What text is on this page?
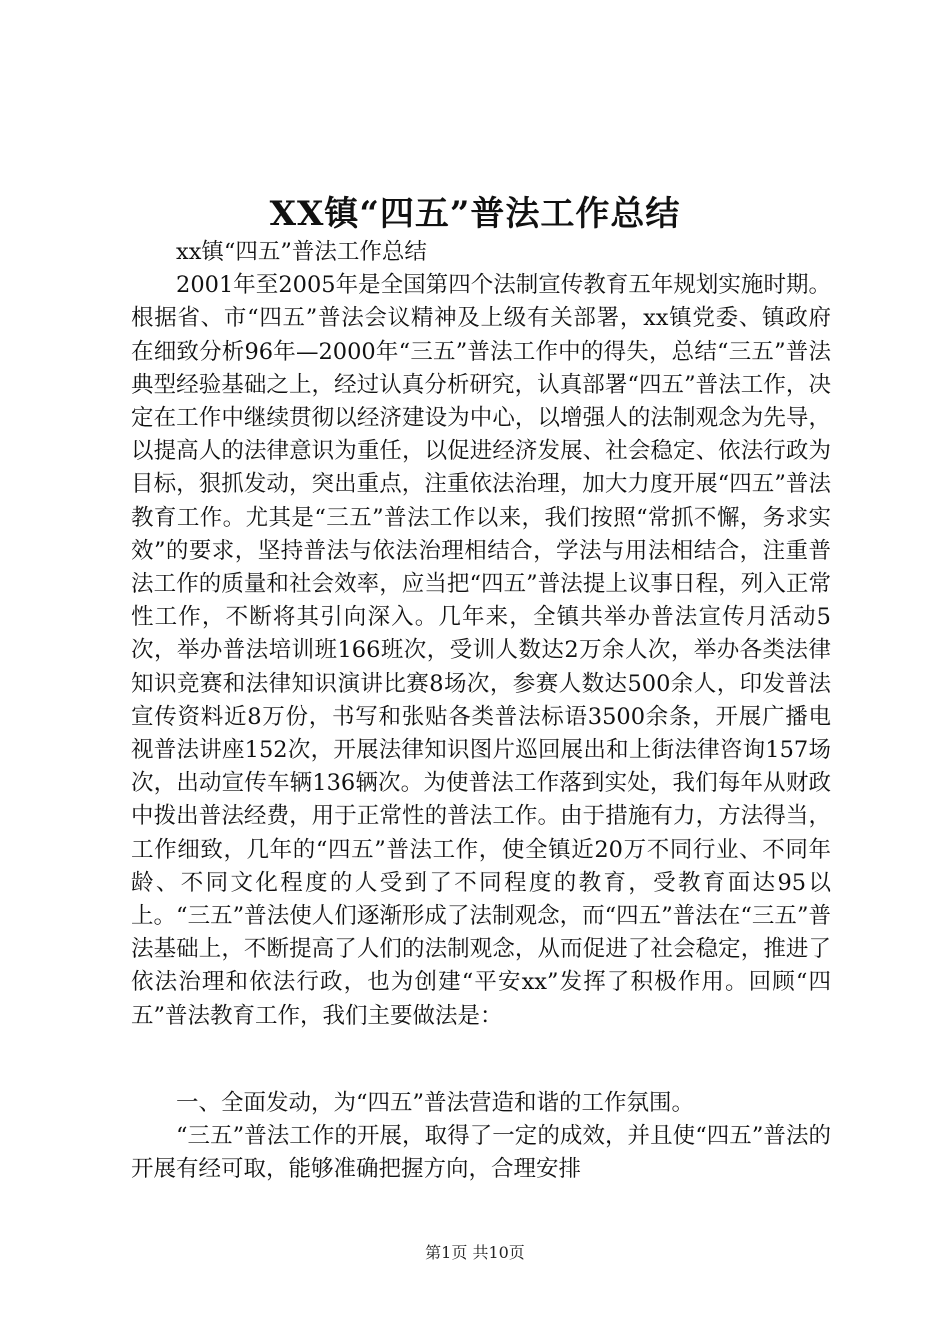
XX镇“四五”普法工作总结

xx镇“四五”普法工作总结

2001年至2005年是全国第四个法制宣传教育五年规划实施时期。根据省、市“四五”普法会议精神及上级有关部署，xx镇党委、镇政府在细致分析96年—2000年“三五”普法工作中的得失，总结“三五”普法典型经验基础之上，经过认真分析研究，认真部署“四五”普法工作，决定在工作中继续贯彻以经济建设为中心，以增强人的法制观念为先导，以提高人的法律意识为重任，以促进经济发展、社会稳定、依法行政为目标，狠抓发动，突出重点，注重依法治理，加大力度开展“四五”普法教育工作。尤其是“三五”普法工作以来，我们按照“常抓不懈，务求实效”的要求，坚持普法与依法治理相结合，学法与用法相结合，注重普法工作的质量和社会效率，应当把“四五”普法提上议事日程，列入正常性工作，不断将其引向深入。几年来，全镇共举办普法宣传月活动5次，举办普法培训班166班次，受训人数达2万余人次，举办各类法律知识竞赛和法律知识演讲比赛8场次，参赛人数达500余人，印发普法宣传资料近8万份，书写和张贴各类普法标语3500余条，开展广播电视普法讲座152次，开展法律知识图片巡回展出和上街法律咨询157场次，出动宣传车辆136辆次。为使普法工作落到实处，我们每年从财政中拨出普法经费，用于正常性的普法工作。由于措施有力，方法得当，工作细致，几年的“四五”普法工作，使全镇近20万不同行业、不同年龄、不同文化程度的人受到了不同程度的教育，受教育面达95以上。“三五”普法使人们逐渐形成了法制观念，而“四五”普法在“三五”普法基础上，不断提高了人们的法制观念，从而促进了社会稳定，推进了依法治理和依法行政，也为创建“平安xx”发挥了积极作用。回顾“四五”普法教育工作，我们主要做法是：

一、全面发动，为“四五”普法营造和谐的工作氛围。

“三五”普法工作的开展，取得了一定的成效，并且使“四五”普法的开展有经可取，能够准确把握方向，合理安排

第1页 共10页
